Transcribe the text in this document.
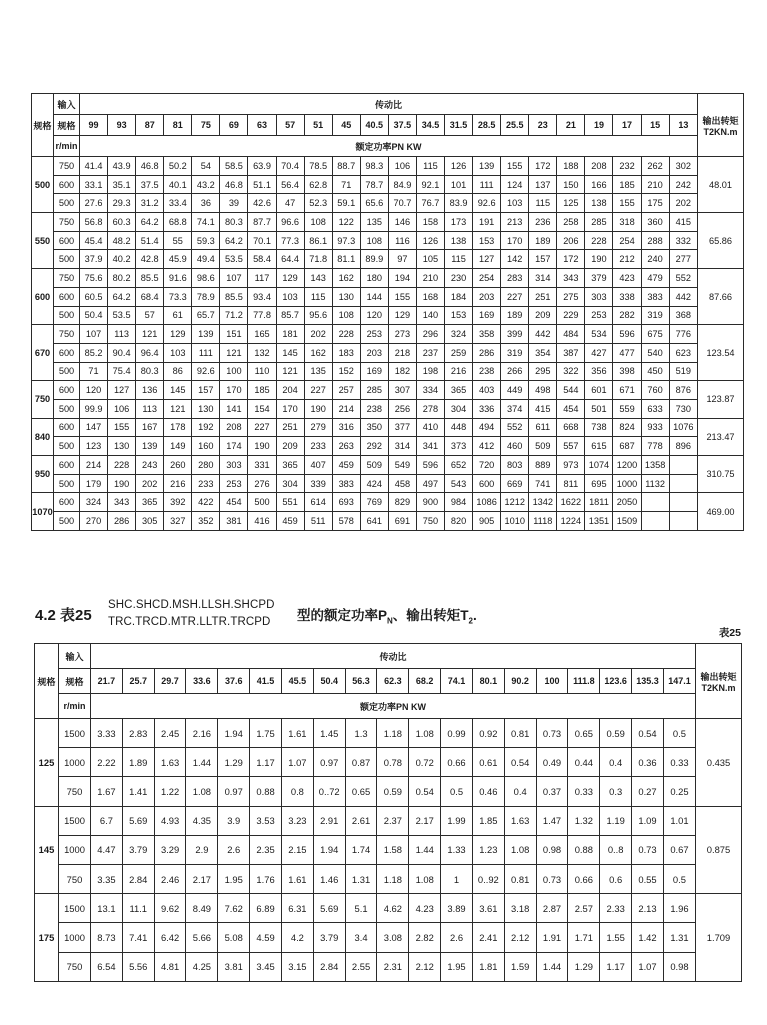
规格	输入	传动比																						输出转矩
T2KN.m

	规格	99	93	87	81	75	69	63	57	51	45	40.5	37.5	34.5	31.5	28.5	25.5	23	21	19	17	15	13	
	r/min	额定功率PN KW																						
500	750	41.4	43.9	46.8	50.2	54	58.5	63.9	70.4	78.5	88.7	98.3	106	115	126	139	155	172	188	208	232	262	302	48.01
	600	33.1	35.1	37.5	40.1	43.2	46.8	51.1	56.4	62.8	71	78.7	84.9	92.1	101	111	124	137	150	166	185	210	242	
	500	27.6	29.3	31.2	33.4	36	39	42.6	47	52.3	59.1	65.6	70.7	76.7	83.9	92.6	103	115	125	138	155	175	202	
550	750	56.8	60.3	64.2	68.8	74.1	80.3	87.7	96.6	108	122	135	146	158	173	191	213	236	258	285	318	360	415	65.86
	600	45.4	48.2	51.4	55	59.3	64.2	70.1	77.3	86.1	97.3	108	116	126	138	153	170	189	206	228	254	288	332	
	500	37.9	40.2	42.8	45.9	49.4	53.5	58.4	64.4	71.8	81.1	89.9	97	105	115	127	142	157	172	190	212	240	277	
600	750	75.6	80.2	85.5	91.6	98.6	107	117	129	143	162	180	194	210	230	254	283	314	343	379	423	479	552	87.66
	600	60.5	64.2	68.4	73.3	78.9	85.5	93.4	103	115	130	144	155	168	184	203	227	251	275	303	338	383	442	
	500	50.4	53.5	57	61	65.7	71.2	77.8	85.7	95.6	108	120	129	140	153	169	189	209	229	253	282	319	368	
670	750	107	113	121	129	139	151	165	181	202	228	253	273	296	324	358	399	442	484	534	596	675	776	123.54
	600	85.2	90.4	96.4	103	111	121	132	145	162	183	203	218	237	259	286	319	354	387	427	477	540	623	
	500	71	75.4	80.3	86	92.6	100	110	121	135	152	169	182	198	216	238	266	295	322	356	398	450	519	
750	600	120	127	136	145	157	170	185	204	227	257	285	307	334	365	403	449	498	544	601	671	760	876	123.87
	500	99.9	106	113	121	130	141	154	170	190	214	238	256	278	304	336	374	415	454	501	559	633	730	
840	600	147	155	167	178	192	208	227	251	279	316	350	377	410	448	494	552	611	668	738	824	933	1076	213.47
	500	123	130	139	149	160	174	190	209	233	263	292	314	341	373	412	460	509	557	615	687	778	896	
950	600	214	228	243	260	280	303	331	365	407	459	509	549	596	652	720	803	889	973	1074	1200	1358		310.75
	500	179	190	202	216	233	253	276	304	339	383	424	458	497	543	600	669	741	811	695	1000	1132		
1070	600	324	343	365	392	422	454	500	551	614	693	769	829	900	984	1086	1212	1342	1622	1811	2050			469.00
	500	270	286	305	327	352	381	416	459	511	578	641	691	750	820	905	1010	1118	1224	1351	1509			
4.2 表25
SHC.SHCD.MSH.LLSH.SHCPD
TRC.TRCD.MTR.LLTR.TRCPD	型的额定功率$P_N$、输出转矩$T_2$.
表25
规格	输入	传动比																			输出转矩
T2KN.m

	规格	21.7	25.7	29.7	33.6	37.6	41.5	45.5	50.4	56.3	62.3	68.2	74.1	80.1	90.2	100	111.8	123.6	135.3	147.1	
	r/min	额定功率PN KW																			
125	1500	3.33	2.83	2.45	2.16	1.94	1.75	1.61	1.45	1.3	1.18	1.08	0.99	0.92	0.81	0.73	0.65	0.59	0.54	0.5	0.435
	1000	2.22	1.89	1.63	1.44	1.29	1.17	1.07	0.97	0.87	0.78	0.72	0.66	0.61	0.54	0.49	0.44	0.4	0.36	0.33	
	750	1.67	1.41	1.22	1.08	0.97	0.88	0.8	0..72	0.65	0.59	0.54	0.5	0.46	0.4	0.37	0.33	0.3	0.27	0.25	
145	1500	6.7	5.69	4.93	4.35	3.9	3.53	3.23	2.91	2.61	2.37	2.17	1.99	1.85	1.63	1.47	1.32	1.19	1.09	1.01	0.875
	1000	4.47	3.79	3.29	2.9	2.6	2.35	2.15	1.94	1.74	1.58	1.44	1.33	1.23	1.08	0.98	0.88	0..8	0.73	0.67	
	750	3.35	2.84	2.46	2.17	1.95	1.76	1.61	1.46	1.31	1.18	1.08	1	0..92	0.81	0.73	0.66	0.6	0.55	0.5	
175	1500	13.1	11.1	9.62	8.49	7.62	6.89	6.31	5.69	5.1	4.62	4.23	3.89	3.61	3.18	2.87	2.57	2.33	2.13	1.96	1.709
	1000	8.73	7.41	6.42	5.66	5.08	4.59	4.2	3.79	3.4	3.08	2.82	2.6	2.41	2.12	1.91	1.71	1.55	1.42	1.31	
	750	6.54	5.56	4.81	4.25	3.81	3.45	3.15	2.84	2.55	2.31	2.12	1.95	1.81	1.59	1.44	1.29	1.17	1.07	0.98	
